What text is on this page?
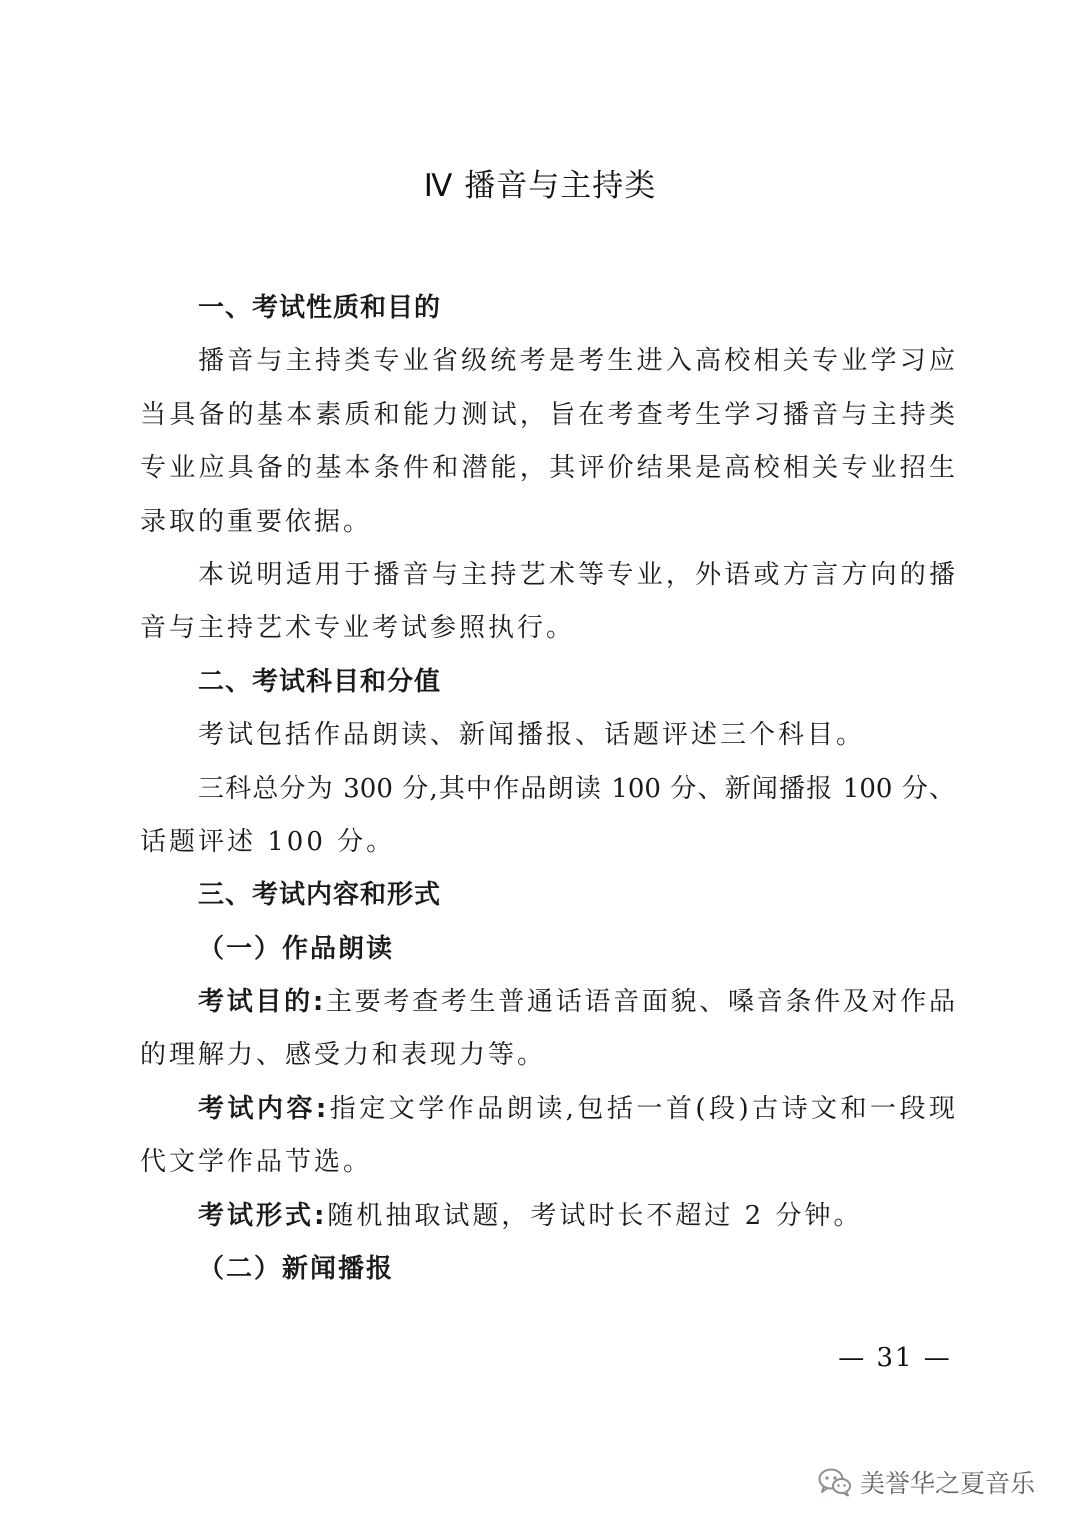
Ⅳ 播音与主持类
一、考试性质和目的
播音与主持类专业省级统考是考生进入高校相关专业学习应
当具备的基本素质和能力测试，旨在考查考生学习播音与主持类
专业应具备的基本条件和潜能，其评价结果是高校相关专业招生
录取的重要依据。
本说明适用于播音与主持艺术等专业，外语或方言方向的播
音与主持艺术专业考试参照执行。
二、考试科目和分值
考试包括作品朗读、新闻播报、话题评述三个科目。
三科总分为 300 分,其中作品朗读 100 分、新闻播报 100 分、
话题评述 100 分。
三、考试内容和形式
（一）作品朗读
考试目的:主要考查考生普通话语音面貌、嗓音条件及对作品
的理解力、感受力和表现力等。
考试内容:指定文学作品朗读,包括一首(段)古诗文和一段现
代文学作品节选。
考试形式:随机抽取试题，考试时长不超过 2 分钟。
（二）新闻播报
— 31 —
美誉华之夏音乐
